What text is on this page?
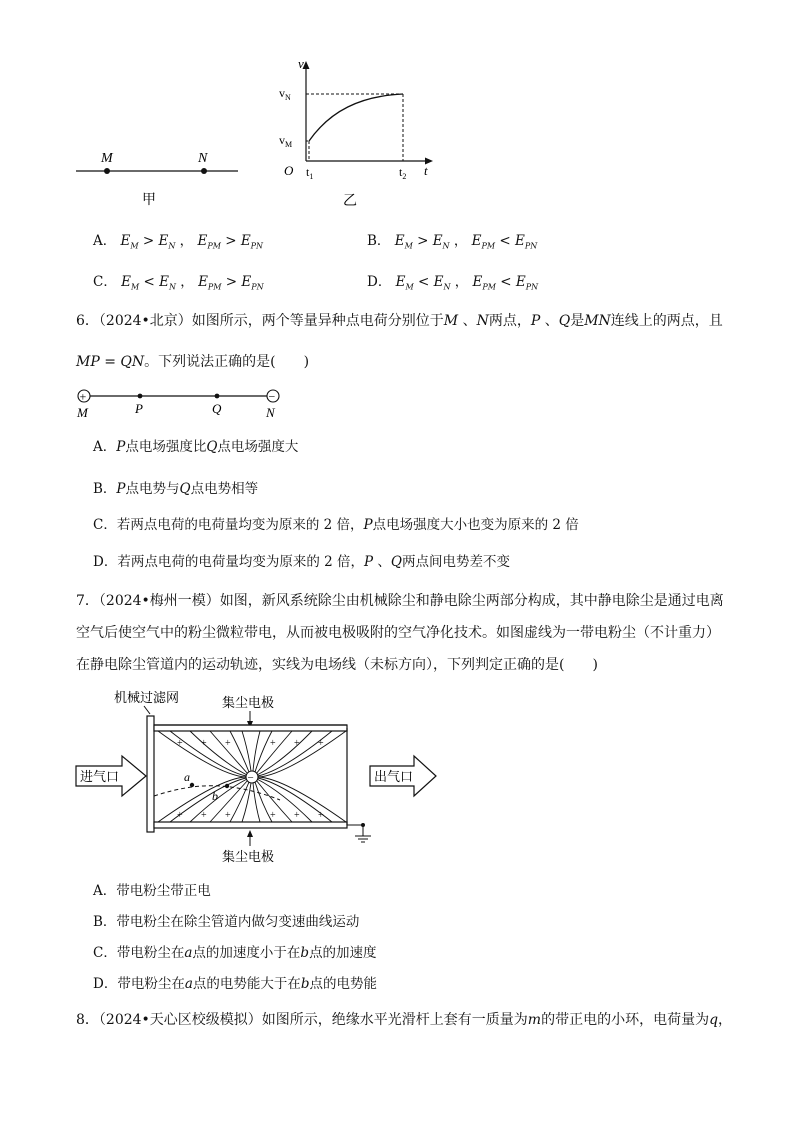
M	N
甲
v
t
O
$v_N$
$v_M$
$t_1$	$t_2$
乙
A． $E_M > E_N$ ， $E_{PM} > E_{PN}$	B． $E_M > E_N$ ， $E_{PM} < E_{PN}$
C． $E_M < E_N$ ， $E_{PM} > E_{PN}$	D． $E_M < E_N$ ， $E_{PM} < E_{PN}$
6．（2024•北京）如图所示，两个等量异种点电荷分别位于M 、N两点，P 、Q是MN连线上的两点，且
MP = QN。下列说法正确的是(　　)
+	−
M	P	Q	N
A．P点电场强度比Q点电场强度大
B．P点电势与Q点电势相等
C．若两点电荷的电荷量均变为原来的 2 倍，P点电场强度大小也变为原来的 2 倍
D．若两点电荷的电荷量均变为原来的 2 倍，P 、Q两点间电势差不变
7．（2024•梅州一模）如图，新风系统除尘由机械除尘和静电除尘两部分构成，其中静电除尘是通过电离
空气后使空气中的粉尘微粒带电，从而被电极吸附的空气净化技术。如图虚线为一带电粉尘（不计重力）
在静电除尘管道内的运动轨迹，实线为电场线（未标方向），下列判定正确的是(　　)
机械过滤网	集尘电极
集尘电极
+ + +	+ + +
+ + +	+ + +
−
a
b
进气口	出气口
A．带电粉尘带正电
B．带电粉尘在除尘管道内做匀变速曲线运动
C．带电粉尘在a点的加速度小于在b点的加速度
D．带电粉尘在a点的电势能大于在b点的电势能
8．（2024•天心区校级模拟）如图所示，绝缘水平光滑杆上套有一质量为m的带正电的小环，电荷量为q，
